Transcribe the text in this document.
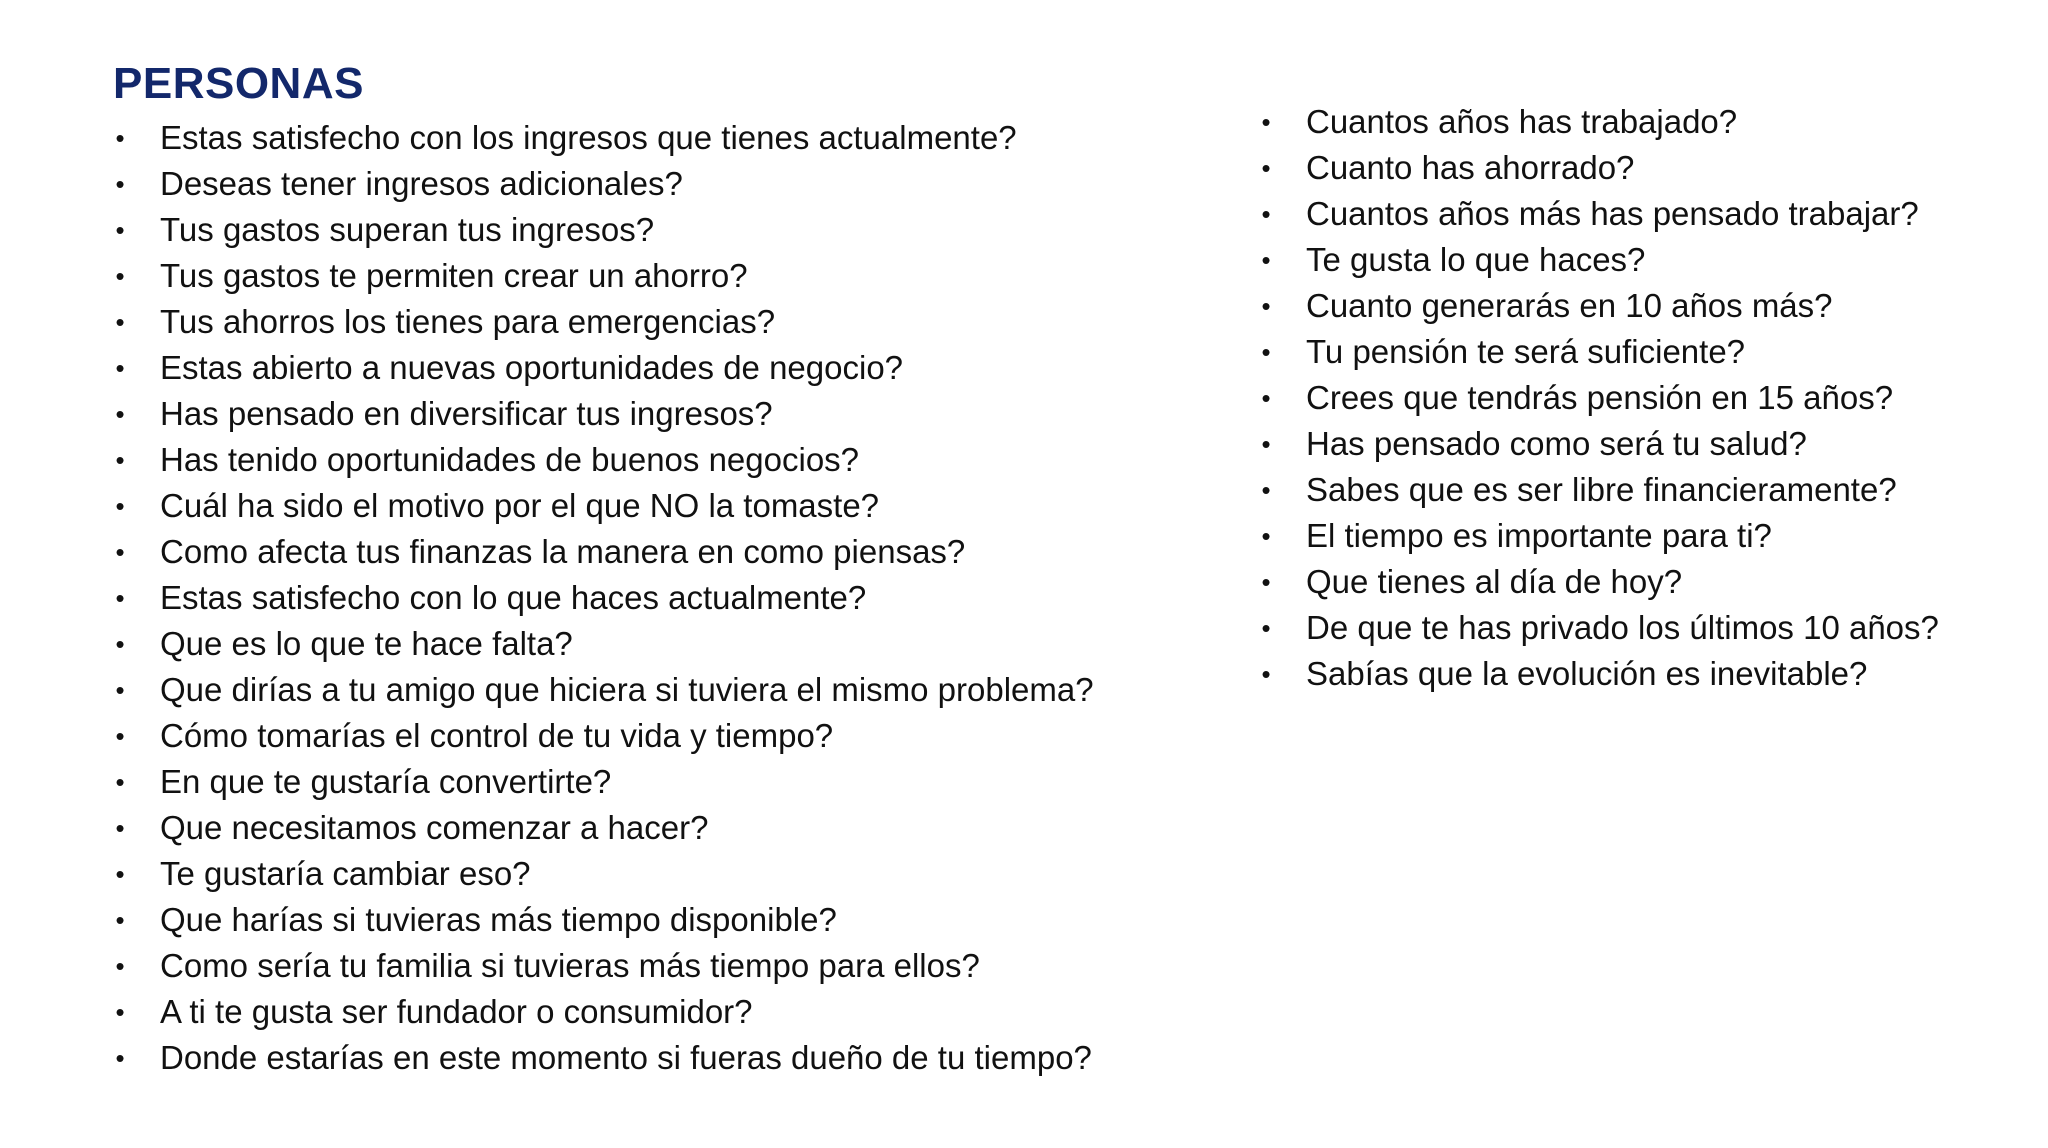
PERSONAS
• Estas satisfecho con los ingresos que tienes actualmente?
• Deseas tener ingresos adicionales?
• Tus gastos superan tus ingresos?
• Tus gastos te permiten crear un ahorro?
• Tus ahorros los tienes para emergencias?
• Estas abierto a nuevas oportunidades de negocio?
• Has pensado en diversificar tus ingresos?
• Has tenido oportunidades de buenos negocios?
• Cuál ha sido el motivo por el que NO la tomaste?
• Como afecta tus finanzas la manera en como piensas?
• Estas satisfecho con lo que haces actualmente?
• Que es lo que te hace falta?
• Que dirías a tu amigo que hiciera si tuviera el mismo problema?
• Cómo tomarías el control de tu vida y tiempo?
• En que te gustaría convertirte?
• Que necesitamos comenzar a hacer?
• Te gustaría cambiar eso?
• Que harías si tuvieras más tiempo disponible?
• Como sería tu familia si tuvieras más tiempo para ellos?
• A ti te gusta ser fundador o consumidor?
• Donde estarías en este momento si fueras dueño de tu tiempo?
• Cuantos años has trabajado?
• Cuanto has ahorrado?
• Cuantos años más has pensado trabajar?
• Te gusta lo que haces?
• Cuanto generarás en 10 años más?
• Tu pensión te será suficiente?
• Crees que tendrás pensión en 15 años?
• Has pensado como será tu salud?
• Sabes que es ser libre financieramente?
• El tiempo es importante para ti?
• Que tienes al día de hoy?
• De que te has privado los últimos 10 años?
• Sabías que la evolución es inevitable?
